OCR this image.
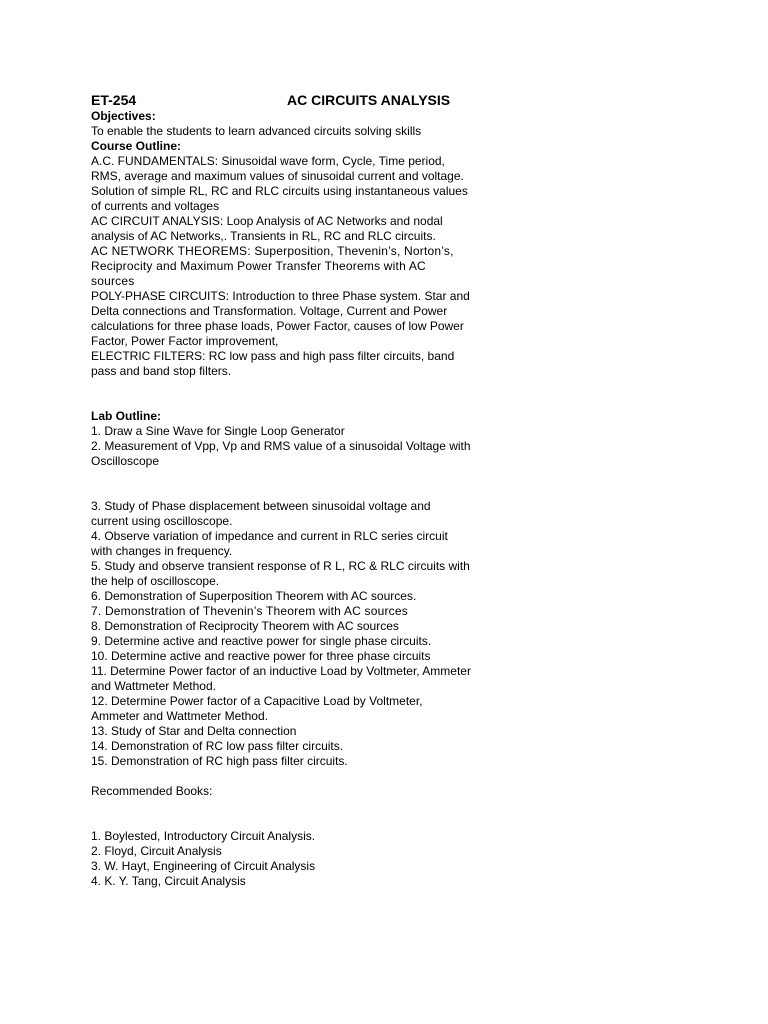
ET-254	AC CIRCUITS ANALYSIS

Objectives:

To enable the students to learn advanced circuits solving skills

Course Outline:

A.C. FUNDAMENTALS: Sinusoidal wave form, Cycle, Time period, RMS, average and maximum values of sinusoidal current and voltage. Solution of simple RL, RC and RLC circuits using instantaneous values of currents and voltages

AC CIRCUIT ANALYSIS: Loop Analysis of AC Networks and nodal analysis of AC Networks,. Transients in RL, RC and RLC circuits.

AC NETWORK THEOREMS: Superposition, Thevenin’s, Norton’s, Reciprocity and Maximum Power Transfer Theorems with AC sources

POLY-PHASE CIRCUITS: Introduction to three Phase system. Star and Delta connections and Transformation. Voltage, Current and Power calculations for three phase loads, Power Factor, causes of low Power Factor, Power Factor improvement,

ELECTRIC FILTERS: RC low pass and high pass filter circuits, band pass and band stop filters.

Lab Outline:

1. Draw a Sine Wave for Single Loop Generator
2. Measurement of Vpp, Vp and RMS value of a sinusoidal Voltage with Oscilloscope
3. Study of Phase displacement between sinusoidal voltage and current using oscilloscope.
4. Observe variation of impedance and current in RLC series circuit with changes in frequency.
5. Study and observe transient response of R L, RC & RLC circuits with the help of oscilloscope.
6. Demonstration of Superposition Theorem with AC sources.
7. Demonstration of Thevenin’s Theorem with AC sources
8. Demonstration of Reciprocity Theorem with AC sources
9. Determine active and reactive power for single phase circuits.
10. Determine active and reactive power for three phase circuits
11. Determine Power factor of an inductive Load by Voltmeter, Ammeter and Wattmeter Method.
12. Determine Power factor of a Capacitive Load by Voltmeter, Ammeter and Wattmeter Method.
13. Study of Star and Delta connection
14. Demonstration of RC low pass filter circuits.
15. Demonstration of RC high pass filter circuits.

Recommended Books:

1. Boylested, Introductory Circuit Analysis.
2. Floyd, Circuit Analysis
3. W. Hayt, Engineering of Circuit Analysis
4. K. Y. Tang, Circuit Analysis
